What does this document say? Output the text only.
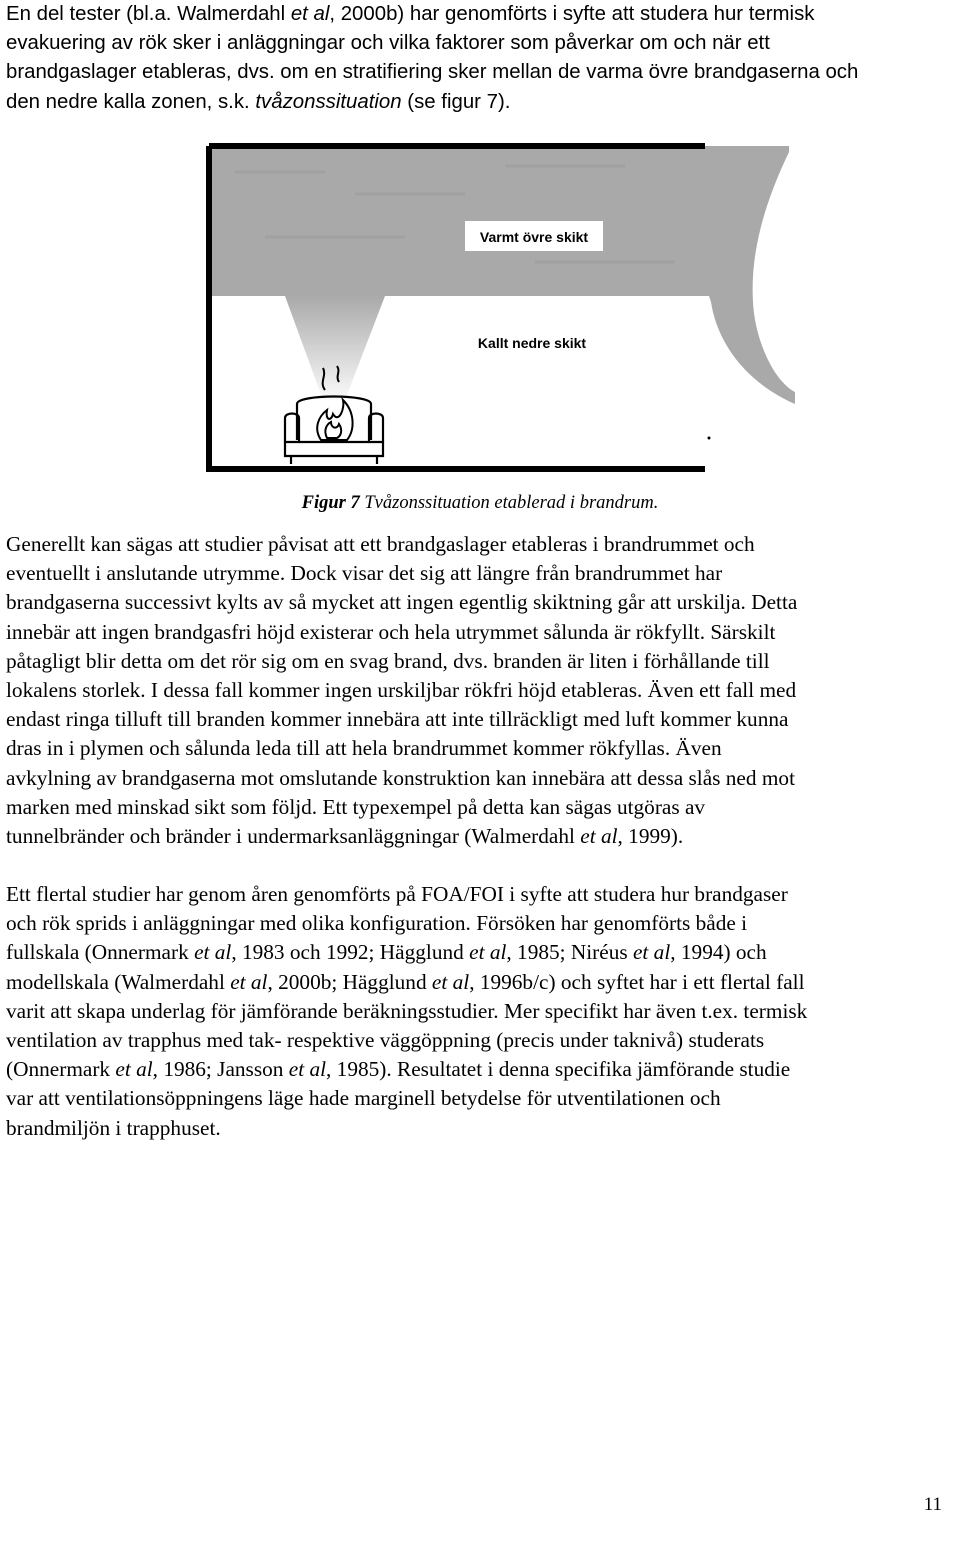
En del tester (bl.a. Walmerdahl et al, 2000b) har genomförts i syfte att studera hur termisk
evakuering av rök sker i anläggningar och vilka faktorer som påverkar om och när ett
brandgaslager etableras, dvs. om en stratifiering sker mellan de varma övre brandgaserna och
den nedre kalla zonen, s.k. tvåzonssituation (se figur 7).

Varmt övre skikt
Kallt nedre skikt
Figur 7 Tvåzonssituation etablerad i brandrum.

Generellt kan sägas att studier påvisat att ett brandgaslager etableras i brandrummet och
eventuellt i anslutande utrymme. Dock visar det sig att längre från brandrummet har
brandgaserna successivt kylts av så mycket att ingen egentlig skiktning går att urskilja. Detta
innebär att ingen brandgasfri höjd existerar och hela utrymmet sålunda är rökfyllt. Särskilt
påtagligt blir detta om det rör sig om en svag brand, dvs. branden är liten i förhållande till
lokalens storlek. I dessa fall kommer ingen urskiljbar rökfri höjd etableras. Även ett fall med
endast ringa tilluft till branden kommer innebära att inte tillräckligt med luft kommer kunna
dras in i plymen och sålunda leda till att hela brandrummet kommer rökfyllas. Även
avkylning av brandgaserna mot omslutande konstruktion kan innebära att dessa slås ned mot
marken med minskad sikt som följd. Ett typexempel på detta kan sägas utgöras av
tunnelbränder och bränder i undermarksanläggningar (Walmerdahl et al, 1999).

Ett flertal studier har genom åren genomförts på FOA/FOI i syfte att studera hur brandgaser
och rök sprids i anläggningar med olika konfiguration. Försöken har genomförts både i
fullskala (Onnermark et al, 1983 och 1992; Hägglund et al, 1985; Niréus et al, 1994) och
modellskala (Walmerdahl et al, 2000b; Hägglund et al, 1996b/c) och syftet har i ett flertal fall
varit att skapa underlag för jämförande beräkningsstudier. Mer specifikt har även t.ex. termisk
ventilation av trapphus med tak- respektive väggöppning (precis under taknivå) studerats
(Onnermark et al, 1986; Jansson et al, 1985). Resultatet i denna specifika jämförande studie
var att ventilationsöppningens läge hade marginell betydelse för utventilationen och
brandmiljön i trapphuset.

11
